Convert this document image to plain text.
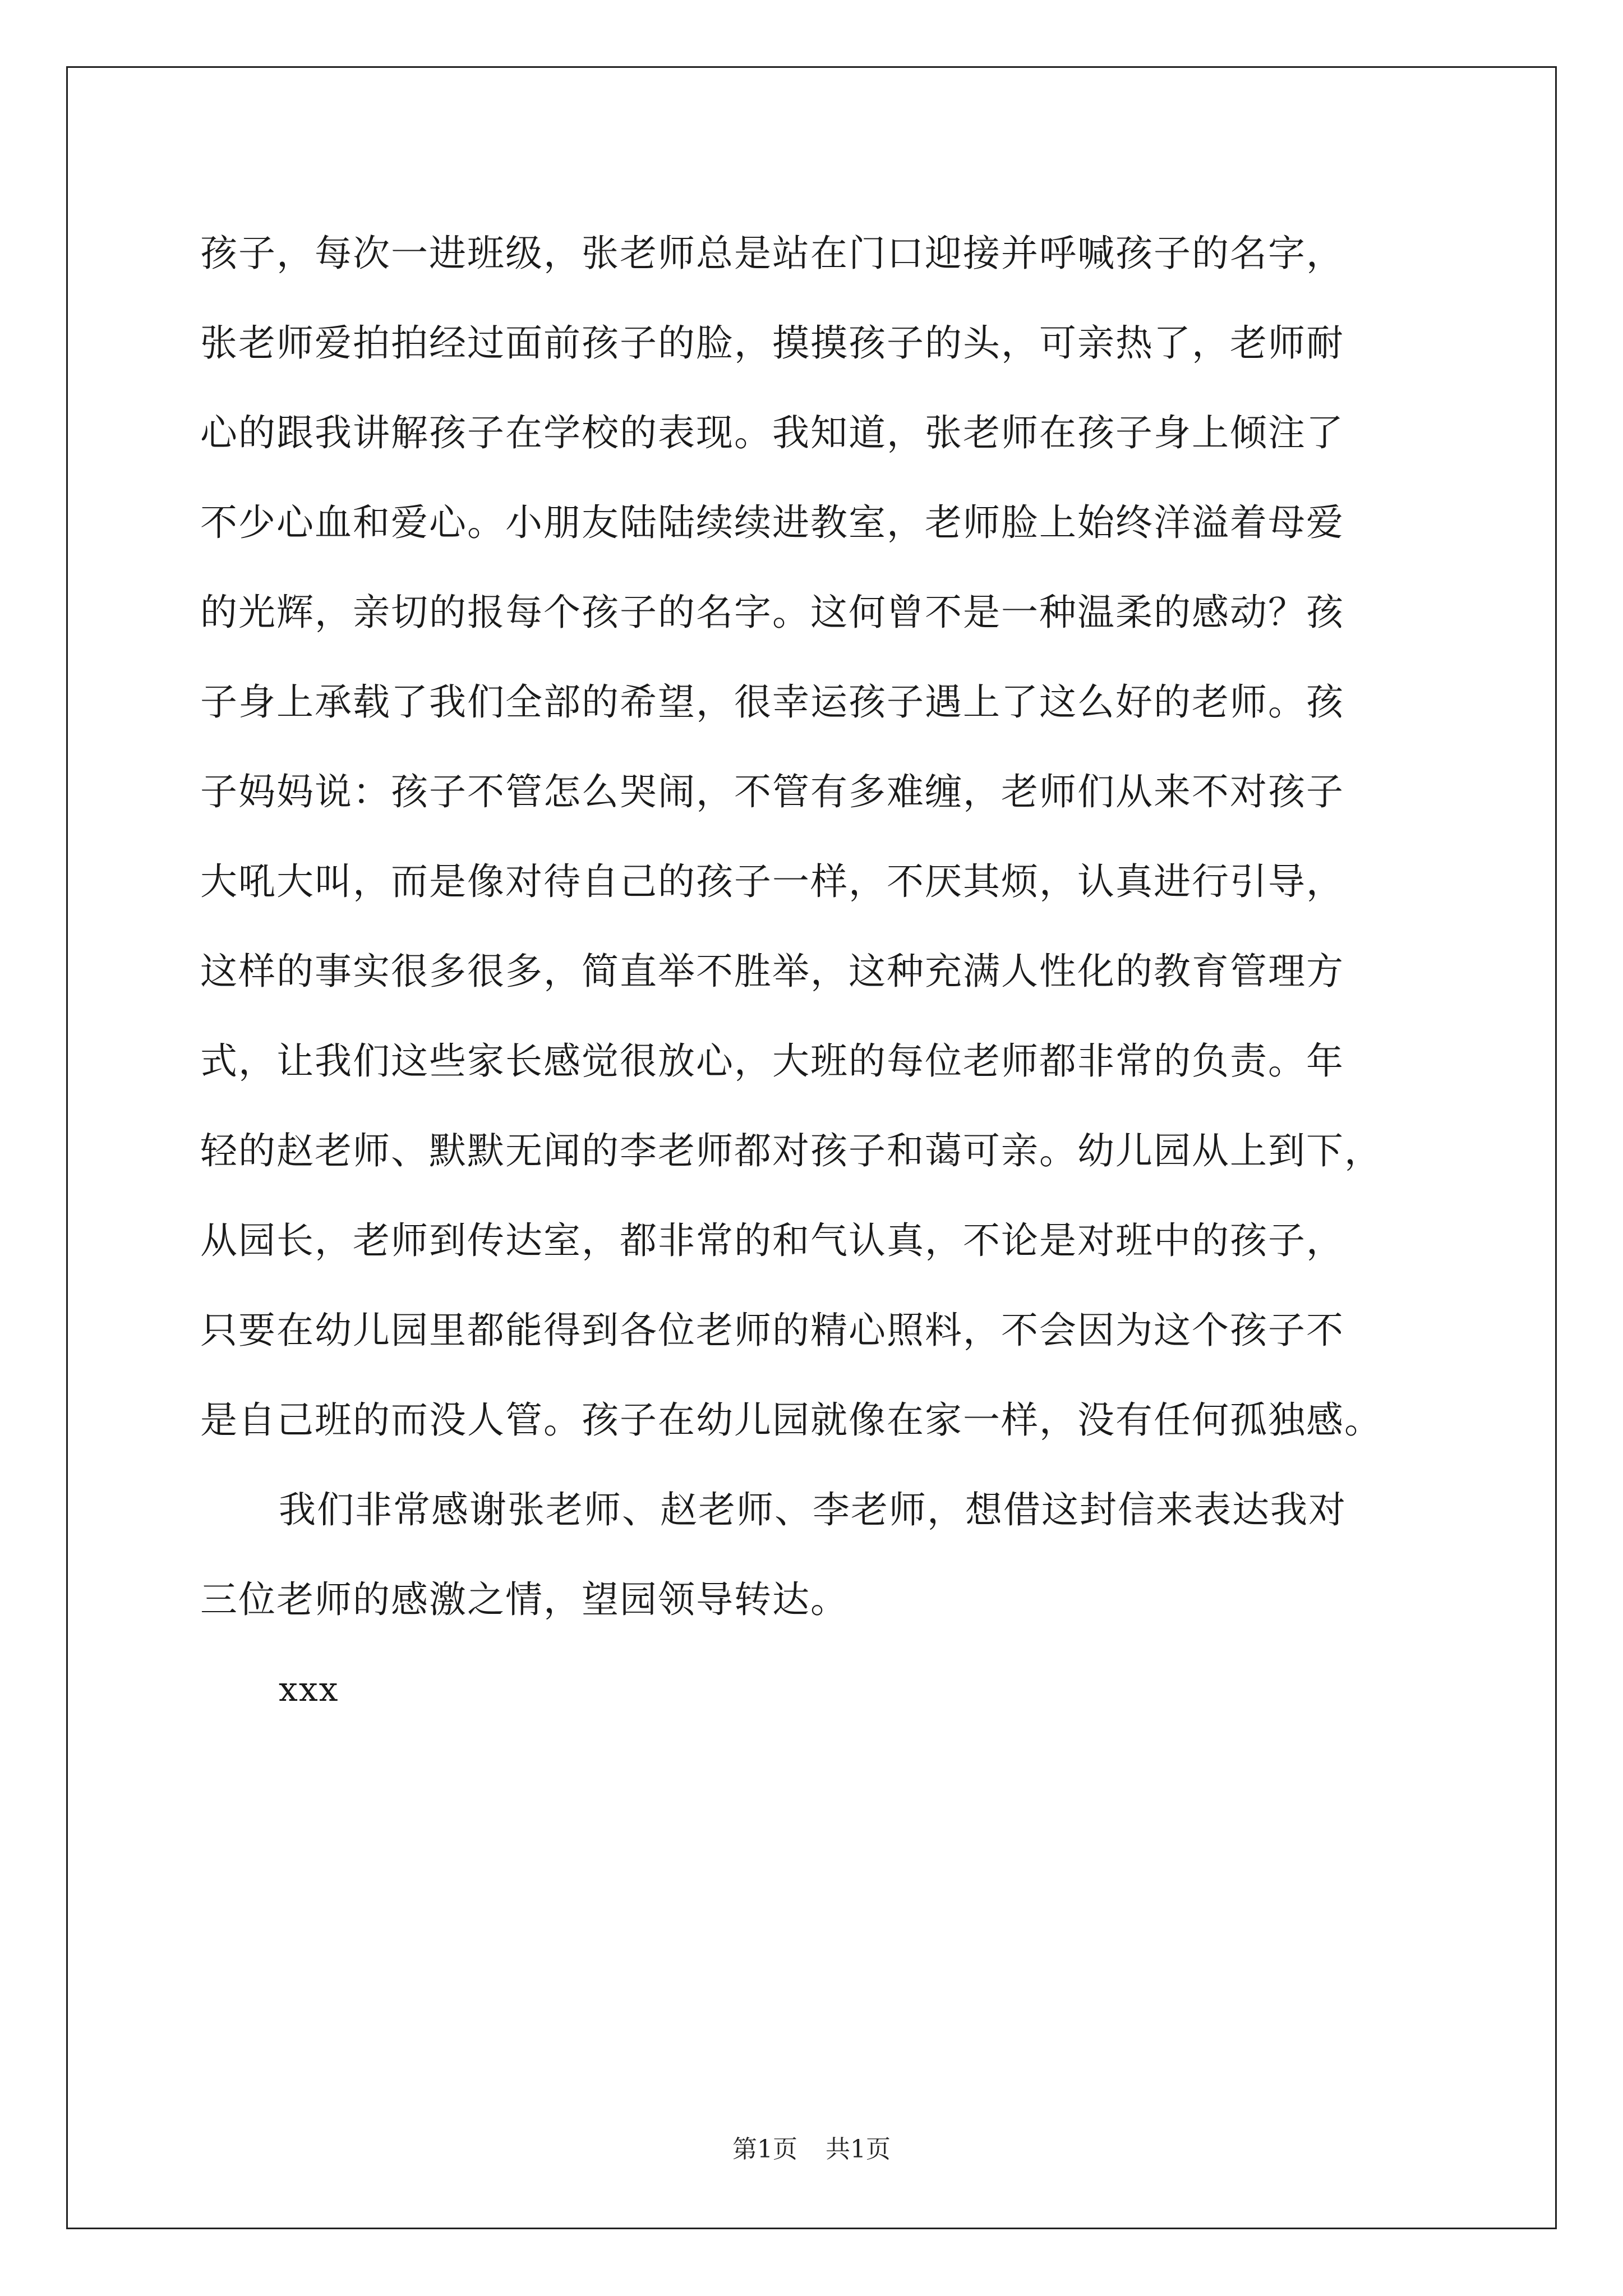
孩子，每次一进班级，张老师总是站在门口迎接并呼喊孩子的名字，
张老师爱拍拍经过面前孩子的脸，摸摸孩子的头，可亲热了，老师耐
心的跟我讲解孩子在学校的表现。我知道，张老师在孩子身上倾注了
不少心血和爱心。小朋友陆陆续续进教室，老师脸上始终洋溢着母爱
的光辉，亲切的报每个孩子的名字。这何曾不是一种温柔的感动？孩
子身上承载了我们全部的希望，很幸运孩子遇上了这么好的老师。孩
子妈妈说：孩子不管怎么哭闹，不管有多难缠，老师们从来不对孩子
大吼大叫，而是像对待自己的孩子一样，不厌其烦，认真进行引导，
这样的事实很多很多，简直举不胜举，这种充满人性化的教育管理方
式，让我们这些家长感觉很放心，大班的每位老师都非常的负责。年
轻的赵老师、默默无闻的李老师都对孩子和蔼可亲。幼儿园从上到下，
从园长，老师到传达室，都非常的和气认真，不论是对班中的孩子，
只要在幼儿园里都能得到各位老师的精心照料，不会因为这个孩子不
是自己班的而没人管。孩子在幼儿园就像在家一样，没有任何孤独感。
我们非常感谢张老师、赵老师、李老师，想借这封信来表达我对
三位老师的感激之情，望园领导转达。
xxx
第1页 共1页
